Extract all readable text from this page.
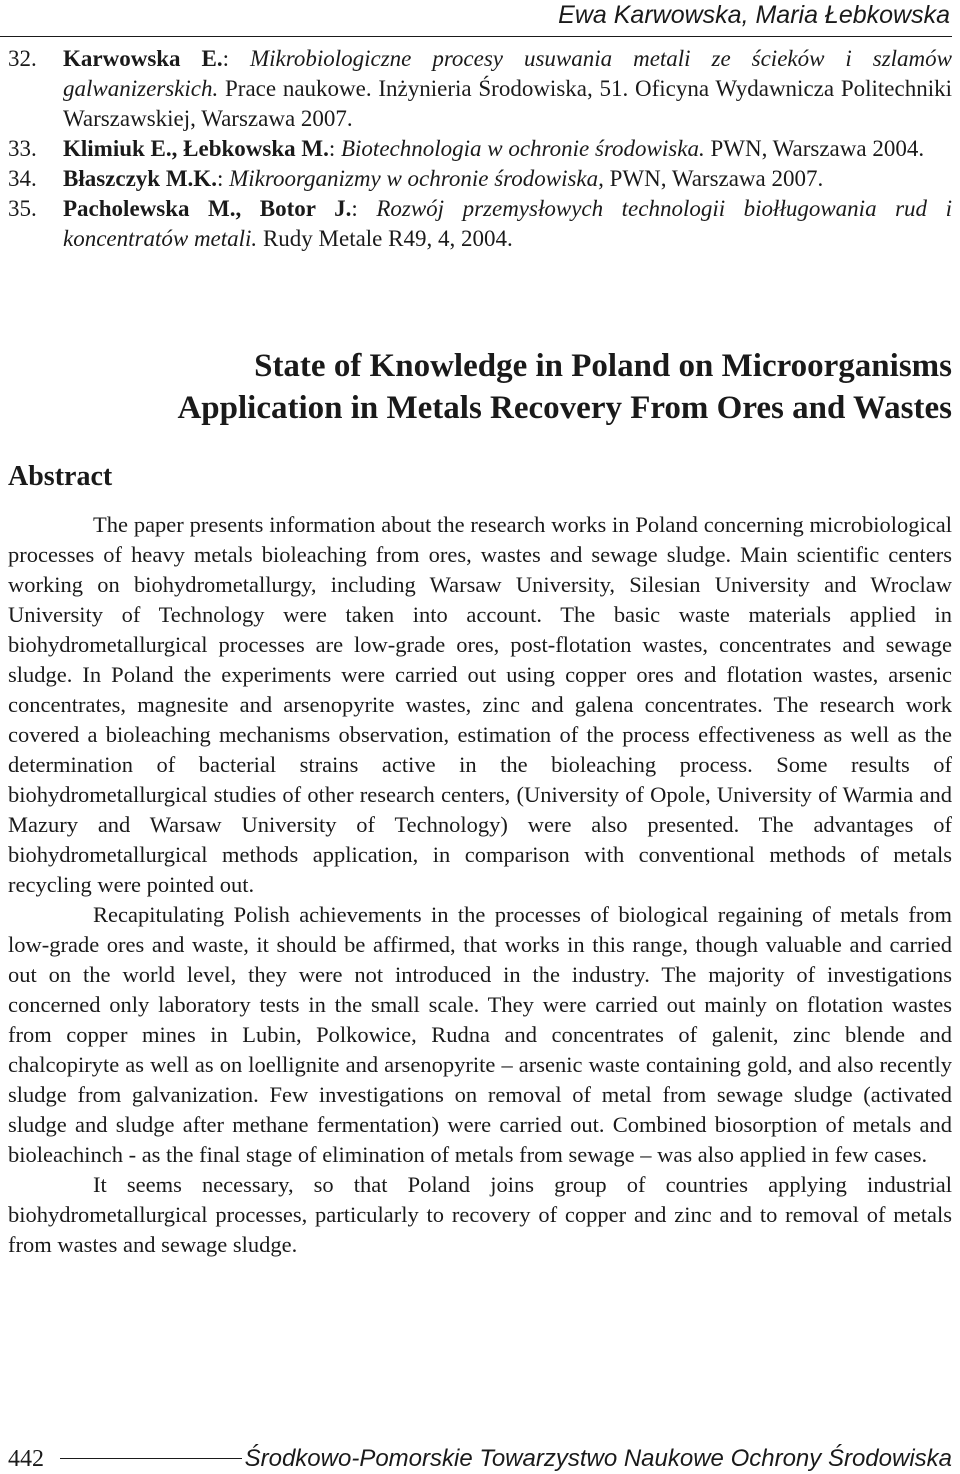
Ewa Karwowska, Maria Łebkowska
32. Karwowska E.: Mikrobiologiczne procesy usuwania metali ze ścieków i szlamów galwanizerskich. Prace naukowe. Inżynieria Środowiska, 51. Oficyna Wydawnicza Politechniki Warszawskiej, Warszawa 2007.
33. Klimiuk E., Łebkowska M.: Biotechnologia w ochronie środowiska. PWN, Warszawa 2004.
34. Błaszczyk M.K.: Mikroorganizmy w ochronie środowiska, PWN, Warszawa 2007.
35. Pacholewska M., Botor J.: Rozwój przemysłowych technologii biołługowania rud i koncentratów metali. Rudy Metale R49, 4, 2004.
State of Knowledge in Poland on Microorganisms
Application in Metals Recovery From Ores and Wastes
Abstract

The paper presents information about the research works in Poland concerning microbiological processes of heavy metals bioleaching from ores, wastes and sewage sludge. Main scientific centers working on biohydrometallurgy, including Warsaw University, Silesian University and Wroclaw University of Technology were taken into account. The basic waste materials applied in biohydrometallurgical processes are low-grade ores, post-flotation wastes, concentrates and sewage sludge. In Poland the experiments were carried out using copper ores and flotation wastes, arsenic concentrates, magnesite and arsenopyrite wastes, zinc and galena concentrates. The research work covered a bioleaching mechanisms observation, estimation of the process effectiveness as well as the determination of bacterial strains active in the bioleaching process. Some results of biohydrometallurgical studies of other research centers, (University of Opole, University of Warmia and Mazury and Warsaw University of Technology) were also presented. The advantages of biohydrometallurgical methods application, in comparison with conventional methods of metals recycling were pointed out.

Recapitulating Polish achievements in the processes of biological regaining of metals from low-grade ores and waste, it should be affirmed, that works in this range, though valuable and carried out on the world level, they were not introduced in the industry. The majority of investigations concerned only laboratory tests in the small scale. They were carried out mainly on flotation wastes from copper mines in Lubin, Polkowice, Rudna and concentrates of galenit, zinc blende and chalcopiryte as well as on loellignite and arsenopyrite – arsenic waste containing gold, and also recently sludge from galvanization. Few investigations on removal of metal from sewage sludge (activated sludge and sludge after methane fermentation) were carried out. Combined biosorption of metals and bioleachinch - as the final stage of elimination of metals from sewage – was also applied in few cases.

It seems necessary, so that Poland joins group of countries applying industrial biohydrometallurgical processes, particularly to recovery of copper and zinc and to removal of metals from wastes and sewage sludge.

442	Środkowo-Pomorskie Towarzystwo Naukowe Ochrony Środowiska
